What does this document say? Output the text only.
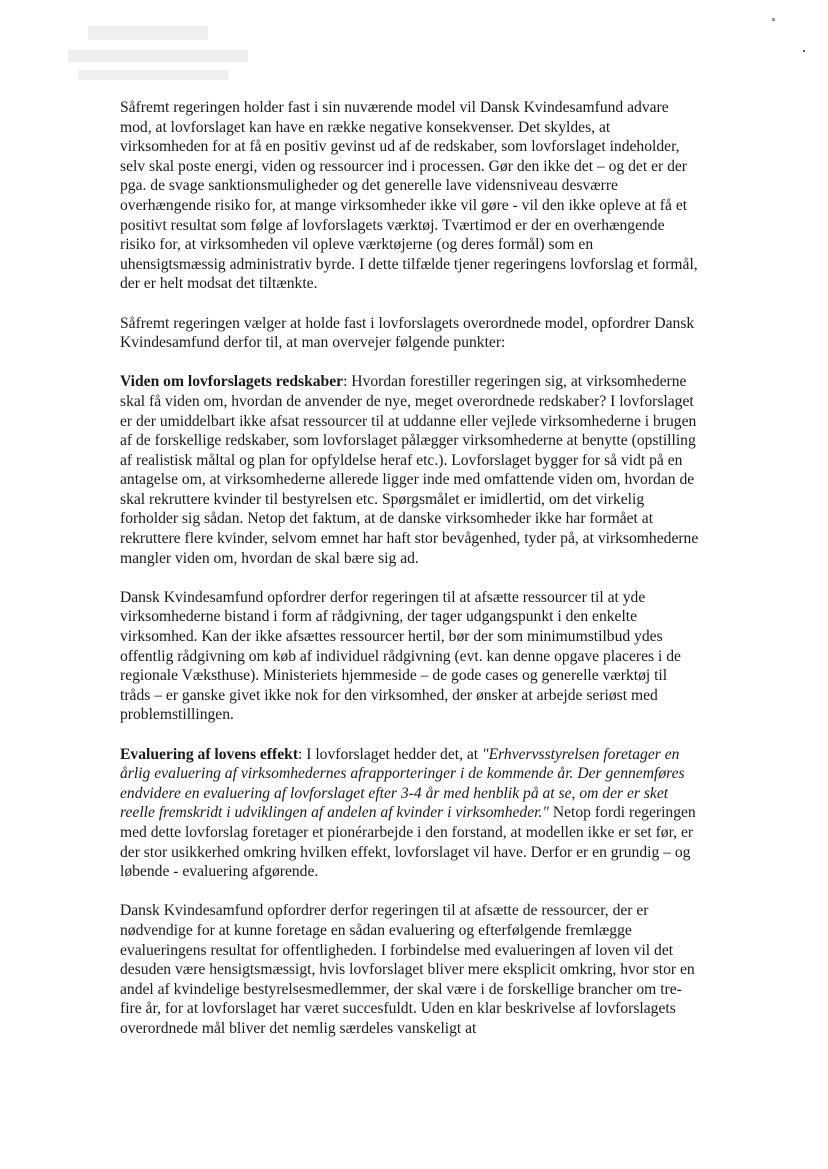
Såfremt regeringen holder fast i sin nuværende model vil Dansk Kvindesamfund advare mod, at lovforslaget kan have en række negative konsekvenser. Det skyldes, at virksomheden for at få en positiv gevinst ud af de redskaber, som lovforslaget indeholder, selv skal poste energi, viden og ressourcer ind i processen. Gør den ikke det – og det er der pga. de svage sanktionsmuligheder og det generelle lave vidensniveau desværre overhængende risiko for, at mange virksomheder ikke vil gøre - vil den ikke opleve at få et positivt resultat som følge af lovforslagets værktøj. Tværtimod er der en overhængende risiko for, at virksomheden vil opleve værktøjerne (og deres formål) som en uhensigtsmæssig administrativ byrde. I dette tilfælde tjener regeringens lovforslag et formål, der er helt modsat det tiltænkte.

Såfremt regeringen vælger at holde fast i lovforslagets overordnede model, opfordrer Dansk Kvindesamfund derfor til, at man overvejer følgende punkter:

Viden om lovforslagets redskaber: Hvordan forestiller regeringen sig, at virksomhederne skal få viden om, hvordan de anvender de nye, meget overordnede redskaber? I lovforslaget er der umiddelbart ikke afsat ressourcer til at uddanne eller vejlede virksomhederne i brugen af de forskellige redskaber, som lovforslaget pålægger virksomhederne at benytte (opstilling af realistisk måltal og plan for opfyldelse heraf etc.). Lovforslaget bygger for så vidt på en antagelse om, at virksomhederne allerede ligger inde med omfattende viden om, hvordan de skal rekruttere kvinder til bestyrelsen etc. Spørgsmålet er imidlertid, om det virkelig forholder sig sådan. Netop det faktum, at de danske virksomheder ikke har formået at rekruttere flere kvinder, selvom emnet har haft stor bevågenhed, tyder på, at virksomhederne mangler viden om, hvordan de skal bære sig ad.

Dansk Kvindesamfund opfordrer derfor regeringen til at afsætte ressourcer til at yde virksomhederne bistand i form af rådgivning, der tager udgangspunkt i den enkelte virksomhed. Kan der ikke afsættes ressourcer hertil, bør der som minimumstilbud ydes offentlig rådgivning om køb af individuel rådgivning (evt. kan denne opgave placeres i de regionale Væksthuse). Ministeriets hjemmeside – de gode cases og generelle værktøj til tråds – er ganske givet ikke nok for den virksomhed, der ønsker at arbejde seriøst med problemstillingen.

Evaluering af lovens effekt: I lovforslaget hedder det, at "Erhvervsstyrelsen foretager en årlig evaluering af virksomhedernes afrapporteringer i de kommende år. Der gennemføres endvidere en evaluering af lovforslaget efter 3-4 år med henblik på at se, om der er sket reelle fremskridt i udviklingen af andelen af kvinder i virksomheder." Netop fordi regeringen med dette lovforslag foretager et pionérarbejde i den forstand, at modellen ikke er set før, er der stor usikkerhed omkring hvilken effekt, lovforslaget vil have. Derfor er en grundig – og løbende - evaluering afgørende.

Dansk Kvindesamfund opfordrer derfor regeringen til at afsætte de ressourcer, der er nødvendige for at kunne foretage en sådan evaluering og efterfølgende fremlægge evalueringens resultat for offentligheden. I forbindelse med evalueringen af loven vil det desuden være hensigtsmæssigt, hvis lovforslaget bliver mere eksplicit omkring, hvor stor en andel af kvindelige bestyrelsesmedlemmer, der skal være i de forskellige brancher om tre- fire år, for at lovforslaget har været succesfuldt. Uden en klar beskrivelse af lovforslagets overordnede mål bliver det nemlig særdeles vanskeligt at
